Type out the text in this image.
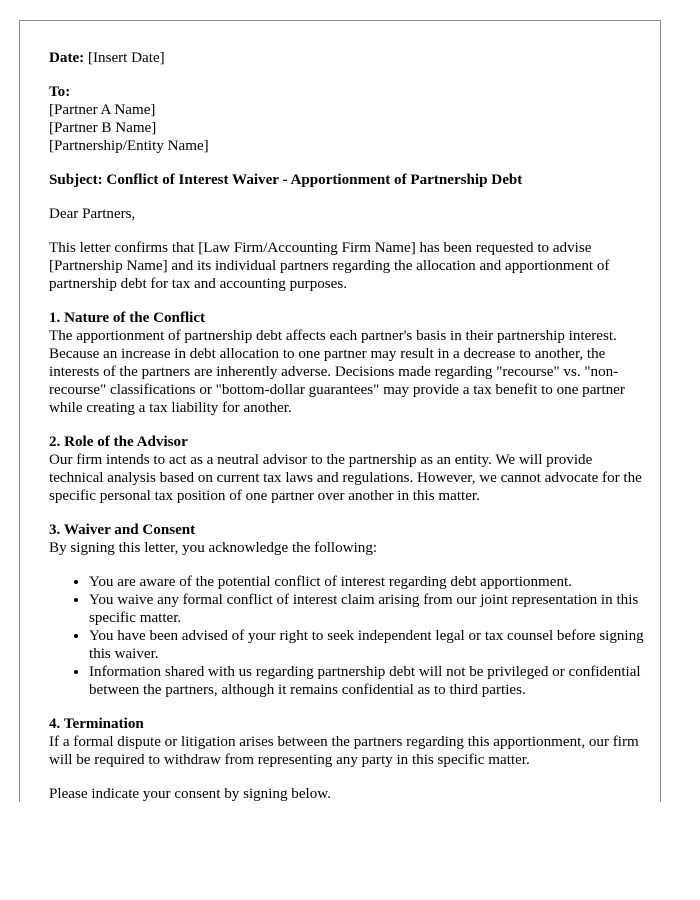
Date: [Insert Date]

To:

[Partner A Name]

[Partner B Name]

[Partnership/Entity Name]

Subject: Conflict of Interest Waiver - Apportionment of Partnership Debt

Dear Partners,

This letter confirms that [Law Firm/Accounting Firm Name] has been requested to advise [Partnership Name] and its individual partners regarding the allocation and apportionment of partnership debt for tax and accounting purposes.

1. Nature of the Conflict

The apportionment of partnership debt affects each partner's basis in their partnership interest. Because an increase in debt allocation to one partner may result in a decrease to another, the interests of the partners are inherently adverse. Decisions made regarding "recourse" vs. "non-recourse" classifications or "bottom-dollar guarantees" may provide a tax benefit to one partner while creating a tax liability for another.

2. Role of the Advisor

Our firm intends to act as a neutral advisor to the partnership as an entity. We will provide technical analysis based on current tax laws and regulations. However, we cannot advocate for the specific personal tax position of one partner over another in this matter.

3. Waiver and Consent

By signing this letter, you acknowledge the following:

• You are aware of the potential conflict of interest regarding debt apportionment.
• You waive any formal conflict of interest claim arising from our joint representation in this specific matter.
• You have been advised of your right to seek independent legal or tax counsel before signing this waiver.
• Information shared with us regarding partnership debt will not be privileged or confidential between the partners, although it remains confidential as to third parties.

4. Termination

If a formal dispute or litigation arises between the partners regarding this apportionment, our firm will be required to withdraw from representing any party in this specific matter.

Please indicate your consent by signing below.
